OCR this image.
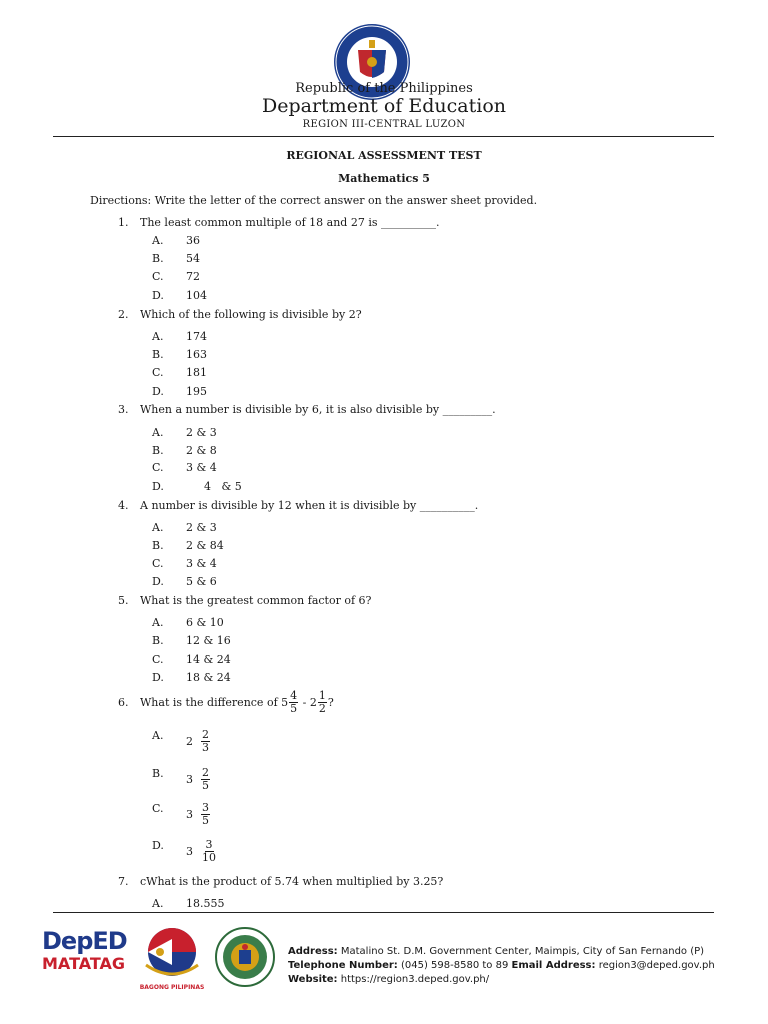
Republic of the Philippines
Department of Education
REGION III-CENTRAL LUZON
REGIONAL ASSESSMENT TEST
Mathematics 5
Directions: Write the letter of the correct answer on the answer sheet provided.
1. The least common multiple of 18 and 27 is __________.
A. 36
B. 54
C. 72
D. 104
2. Which of the following is divisible by 2?
A. 174
B. 163
C. 181
D. 195
3. When a number is divisible by 6, it is also divisible by _________.
A. 2 & 3
B. 2 & 8
C. 3 & 4
D.	4   & 5
4. A number is divisible by 12 when it is divisible by __________.
A. 2 & 3
B. 2 & 84
C. 3 & 4
D. 5 & 6
5. What is the greatest common factor of 6?
A. 6 & 10
B. 12 & 16
C. 14 & 24
D. 18 & 24
6.	What is the difference of $5 \frac{4}{5} - 2 \frac{1}{2}$ ?
A.	2
$\frac{2}{3}$
B.	3
$\frac{2}{5}$
C.	3
$\frac{3}{5}$
D.	3
$\frac{3}{10}$
7. cWhat is the product of 5.74 when multiplied by 3.25?
A. 18.555
DepED
MATATAG
BAGONG PILIPINAS
Address: Matalino St. D.M. Government Center, Maimpis, City of San Fernando (P)
Telephone Number: (045) 598-8580 to 89 Email Address: region3@deped.gov.ph
Website: https://region3.deped.gov.ph/
